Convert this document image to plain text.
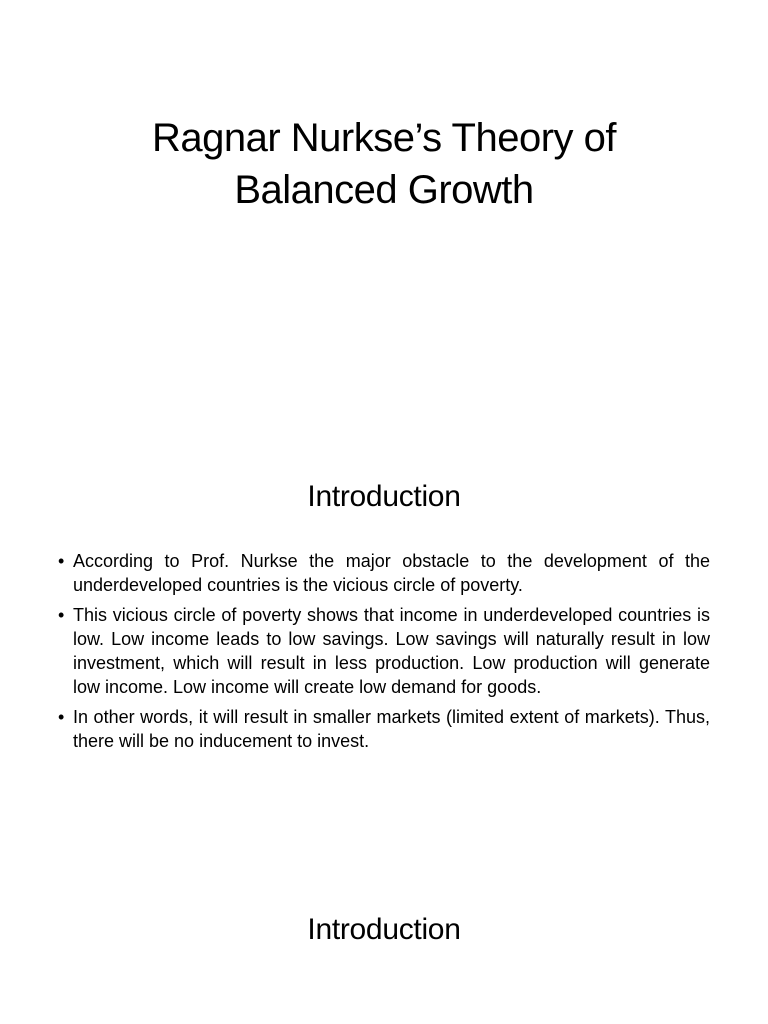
Ragnar Nurkse’s Theory of
Balanced Growth
Introduction
• According to Prof. Nurkse the major obstacle to the development of the underdeveloped countries is the vicious circle of poverty.
• This vicious circle of poverty shows that income in underdeveloped countries is low. Low income leads to low savings. Low savings will naturally result in low investment, which will result in less production. Low production will generate low income. Low income will create low demand for goods.
• In other words, it will result in smaller markets (limited extent of markets). Thus, there will be no inducement to invest.
Introduction
